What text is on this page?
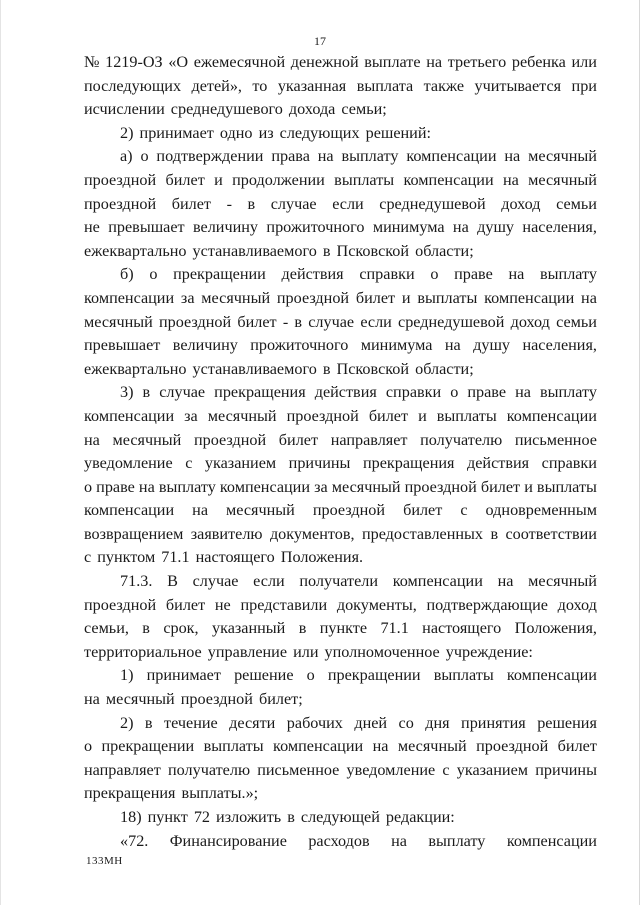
17
№ 1219-ОЗ «О ежемесячной денежной выплате на третьего ребенка или
последующих детей», то указанная выплата также учитывается при
исчислении среднедушевого дохода семьи;
2) принимает одно из следующих решений:
а) о подтверждении права на выплату компенсации на месячный
проездной билет и продолжении выплаты компенсации на месячный
проездной билет - в случае если среднедушевой доход семьи
не превышает величину прожиточного минимума на душу населения,
ежеквартально устанавливаемого в Псковской области;
б) о прекращении действия справки о праве на выплату
компенсации за месячный проездной билет и выплаты компенсации на
месячный проездной билет - в случае если среднедушевой доход семьи
превышает величину прожиточного минимума на душу населения,
ежеквартально устанавливаемого в Псковской области;
3) в случае прекращения действия справки о праве на выплату
компенсации за месячный проездной билет и выплаты компенсации
на месячный проездной билет направляет получателю письменное
уведомление с указанием причины прекращения действия справки
о праве на выплату компенсации за месячный проездной билет и выплаты
компенсации на месячный проездной билет с одновременным
возвращением заявителю документов, предоставленных в соответствии
с пунктом 71.1 настоящего Положения.
71.3. В случае если получатели компенсации на месячный
проездной билет не представили документы, подтверждающие доход
семьи, в срок, указанный в пункте 71.1 настоящего Положения,
территориальное управление или уполномоченное учреждение:
1) принимает решение о прекращении выплаты компенсации
на месячный проездной билет;
2) в течение десяти рабочих дней со дня принятия решения
о прекращении выплаты компенсации на месячный проездной билет
направляет получателю письменное уведомление с указанием причины
прекращения выплаты.»;
18) пункт 72 изложить в следующей редакции:
«72. Финансирование расходов на выплату компенсации
133МН
